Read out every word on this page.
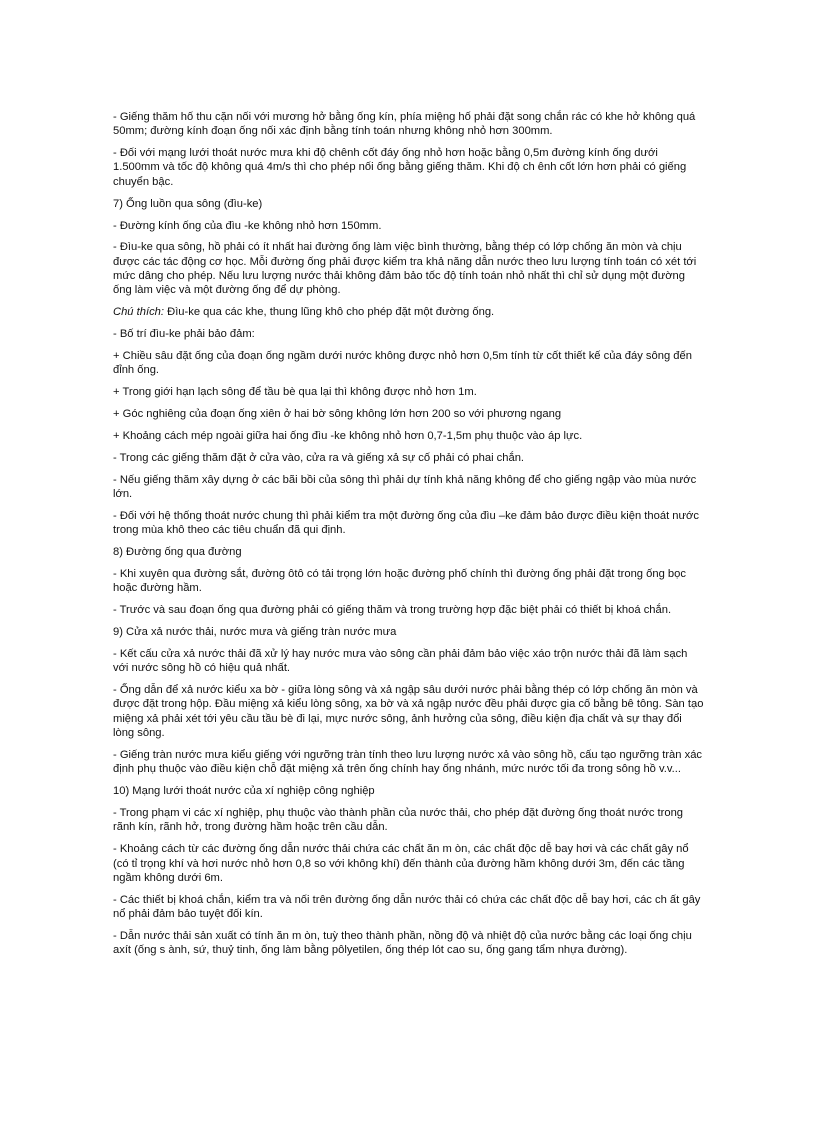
- Giếng thăm hố thu cặn nối với mương hở bằng ống kín, phía miệng hố phải đặt song chắn rác có khe hở không quá 50mm; đường kính đoạn ống nối xác định bằng tính toán nhưng không nhỏ hơn 300mm.

- Đối với mạng lưới thoát nước mưa khi độ chênh cốt đáy ống nhỏ hơn hoặc bằng 0,5m đường kính ống dưới 1.500mm và tốc độ không quá 4m/s thì cho phép nối ống bằng giếng thăm. Khi độ ch ênh cốt lớn hơn phải có giếng chuyển bậc.

7) Ống luồn qua sông (đìu-ke)

- Đường kính ống của đìu -ke không nhỏ hơn 150mm.

- Đìu-ke qua sông, hồ phải có ít nhất hai đường ống làm việc bình thường, bằng thép có lớp chống ăn mòn và chịu được các tác động cơ học. Mỗi đường ống phải được kiểm tra khả năng dẫn nước theo lưu lượng tính toán có xét tới mức dâng cho phép. Nếu lưu lượng nước thải không đảm bảo tốc độ tính toán nhỏ nhất thì chỉ sử dụng một đường ống làm việc và một đường ống để dự phòng.

Chú thích: Đìu-ke qua các khe, thung lũng khô cho phép đặt một đường ống.

- Bố trí đìu-ke phải bảo đảm:

+ Chiều sâu đặt ống của đoạn ống ngầm dưới nước không được nhỏ hơn 0,5m tính từ cốt thiết kế của đáy sông đến đỉnh ống.

+ Trong giới hạn lạch sông để tầu bè qua lại thì không được nhỏ hơn 1m.

+ Góc nghiêng của đoạn ống xiên ở hai bờ sông không lớn hơn 200 so với phương ngang

+ Khoảng cách mép ngoài giữa hai ống đìu -ke không nhỏ hơn 0,7-1,5m phụ thuộc vào áp lực.

- Trong các giếng thăm đặt ở cửa vào, cửa ra và giếng xả sự cố phải có phai chắn.

- Nếu giếng thăm xây dựng ở các bãi bồi của sông thì phải dự tính khả năng không để cho giếng ngập vào mùa nước lớn.

- Đối với hệ thống thoát nước chung thì phải kiểm tra một đường ống của đìu –ke đảm bảo được điều kiện thoát nước trong mùa khô theo các tiêu chuẩn đã qui định.

8) Đường ống qua đường

- Khi xuyên qua đường sắt, đường ôtô có tải trọng lớn hoặc đường phố chính thì đường ống phải đặt trong ống bọc hoặc đường hầm.

- Trước và sau đoạn ống qua đường phải có giếng thăm và trong trường hợp đặc biệt phải có thiết bị khoá chắn.

9) Cửa xả nước thải, nước mưa và giếng tràn nước mưa

- Kết cấu cửa xả nước thải đã xử lý hay nước mưa vào sông cần phải đảm bảo việc xáo trộn nước thải đã làm sạch với nước sông hồ có hiệu quả nhất.

- Ống dẫn để xả nước kiểu xa bờ - giữa lòng sông và xả ngập sâu dưới nước phải bằng thép có lớp chống ăn mòn và được đặt trong hộp. Đầu miệng xả kiểu lòng sông, xa bờ và xả ngập nước đều phải được gia cố bằng bê tông. Sàn tạo miệng xả phải xét tới yêu cầu tầu bè đi lại, mực nước sông, ảnh hưởng của sông, điều kiện địa chất và sự thay đổi lòng sông.

- Giếng tràn nước mưa kiểu giếng với ngưỡng tràn tính theo lưu lượng nước xả vào sông hồ, cấu tạo ngưỡng tràn xác định phụ thuộc vào điều kiện chỗ đặt miệng xả trên ống chính hay ống nhánh, mức nước tối đa trong sông hồ v.v...

10) Mạng lưới thoát nước của xí nghiệp công nghiệp

- Trong phạm vi các xí nghiệp, phụ thuộc vào thành phần của nước thải, cho phép đặt đường ống thoát nước trong rãnh kín, rãnh hở, trong đường hầm hoặc trên cầu dẫn.

- Khoảng cách từ các đường ống dẫn nước thải chứa các chất ăn m òn, các chất độc dễ bay hơi và các chất gây nổ (có tỉ trọng khí và hơi nước nhỏ hơn 0,8 so với không khí) đến thành của đường hầm không dưới 3m, đến các tầng ngầm không dưới 6m.

- Các thiết bị khoá chắn, kiểm tra và nối trên đường ống dẫn nước thải có chứa các chất độc dễ bay hơi, các ch ất gây nổ phải đảm bảo tuyệt đối kín.

- Dẫn nước thải sản xuất có tính ăn m òn, tuỳ theo thành phần, nồng độ và nhiệt độ của nước bằng các loại ống chịu axít (ống s ành, sứ, thuỷ tinh, ống làm bằng pôlyetilen, ống thép lót cao su, ống gang tẩm nhựa đường).
